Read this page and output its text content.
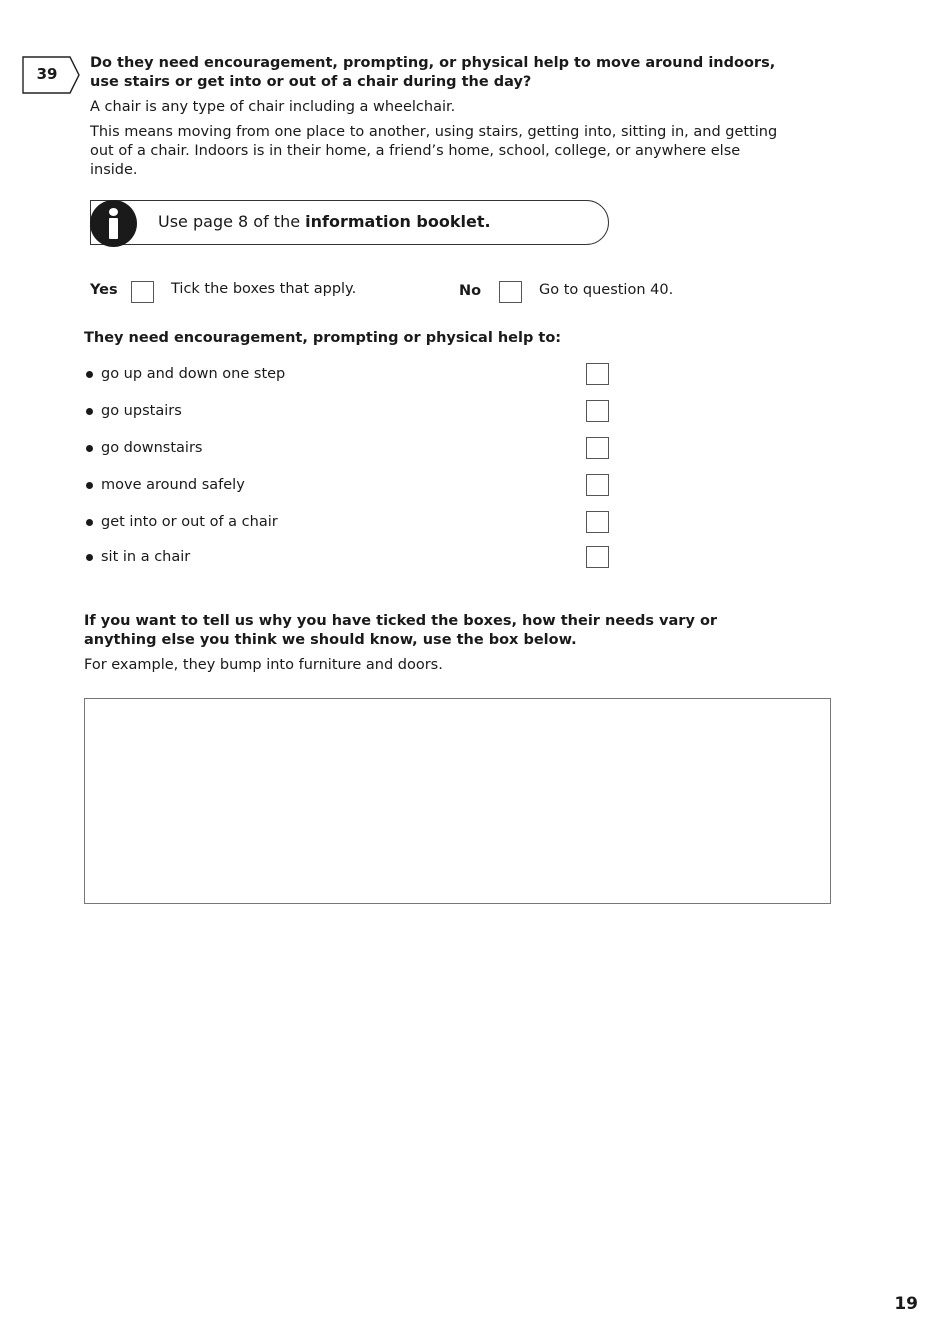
39
Do they need encouragement, prompting, or physical help to move around indoors, use stairs or get into or out of a chair during the day?
A chair is any type of chair including a wheelchair.
This means moving from one place to another, using stairs, getting into, sitting in, and getting out of a chair. Indoors is in their home, a friend’s home, school, college, or anywhere else inside.
Use page 8 of the information booklet.
Yes	Tick the boxes that apply.	No	Go to question 40.
They need encouragement, prompting or physical help to:
go up and down one step
go upstairs
go downstairs
move around safely
get into or out of a chair
sit in a chair
If you want to tell us why you have ticked the boxes, how their needs vary or anything else you think we should know, use the box below.
For example, they bump into furniture and doors.
19
